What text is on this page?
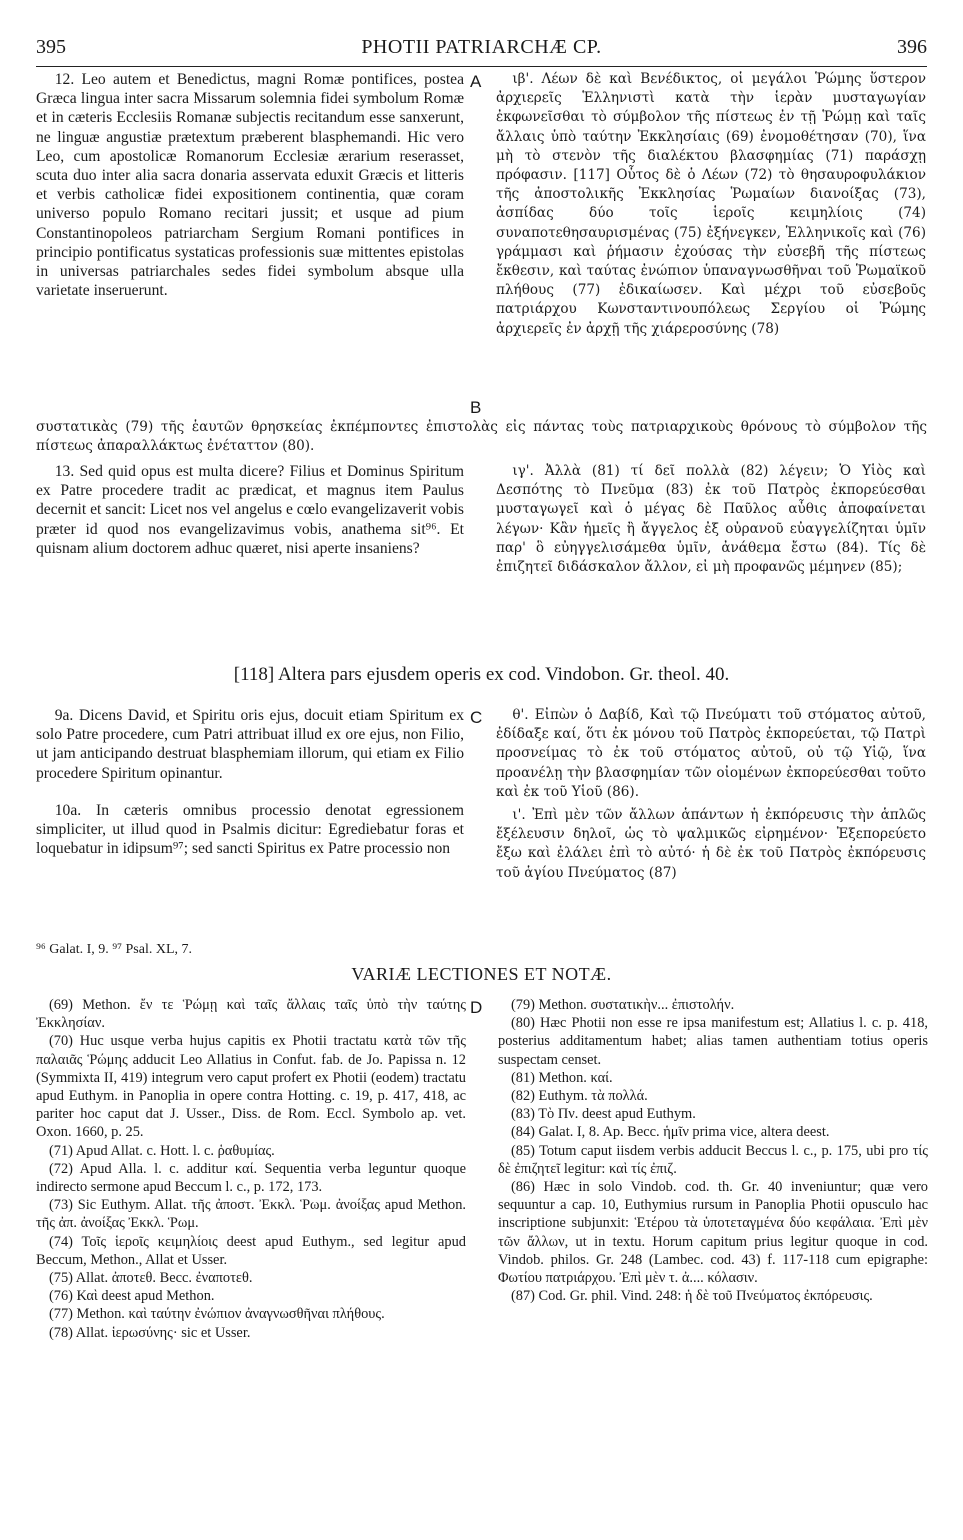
395	PHOTII PATRIARCHÆ CP.	396

12. Leo autem et Benedictus, magni Romæ pontifices, postea Græca lingua inter sacra Missarum solemnia fidei symbolum Romæ et in cæteris Ecclesiis Romanæ subjectis recitandum esse sanxerunt, ne linguæ angustiæ prætextum præberent blasphemandi. Hic vero Leo, cum apostolicæ Romanorum Ecclesiæ ærarium reserasset, scuta duo inter alia sacra donaria asservata eduxit Græcis et litteris et verbis catholicæ fidei expositionem continentia, quæ coram universo populo Romano recitari jussit; et usque ad pium Constantinopoleos patriarcham Sergium Romani pontifices in principio pontificatus systaticas professionis suæ mittentes epistolas in universas patriarchales sedes fidei symbolum absque ulla varietate inseruerunt.

ιβ'. Λέων δὲ καὶ Βενέδικτος, οἱ μεγάλοι Ῥώμης ὕστερον ἀρχιερεῖς Ἑλληνιστὶ κατὰ τὴν ἱερὰν μυσταγωγίαν ἐκφωνεῖσθαι τὸ σύμβολον τῆς πίστεως ἐν τῇ Ῥώμῃ καὶ ταῖς ἄλλαις ὑπὸ ταύτην Ἐκκλησίαις (69) ἐνομοθέτησαν (70), ἵνα μὴ τὸ στενὸν τῆς διαλέκτου βλασφημίας (71) παράσχῃ πρόφασιν. [117] Οὗτος δὲ ὁ Λέων (72) τὸ θησαυροφυλάκιον τῆς ἀποστολικῆς Ἐκκλησίας Ῥωμαίων διανοίξας (73), ἀσπίδας δύο τοῖς ἱεροῖς κειμηλίοις (74) συναποτεθησαυρισμένας (75) ἐξήνεγκεν, Ἑλληνικοῖς καὶ (76) γράμμασι καὶ ῥήμασιν ἐχούσας τὴν εὐσεβῆ τῆς πίστεως ἔκθεσιν, καὶ ταύτας ἐνώπιον ὑπαναγνωσθῆναι τοῦ Ῥωμαϊκοῦ πλήθους (77) ἐδικαίωσεν. Καὶ μέχρι τοῦ εὐσεβοῦς πατριάρχου Κωνσταντινουπόλεως Σεργίου οἱ Ῥώμης ἀρχιερεῖς ἐν ἀρχῇ τῆς χιάρεροσύνης (78)

A
B
συστατικὰς (79) τῆς ἑαυτῶν θρησκείας ἐκπέμποντες ἐπιστολὰς εἰς πάντας τοὺς πατριαρχικοὺς θρόνους τὸ σύμβολον τῆς πίστεως ἀπαραλλάκτως ἐνέταττον (80).

13. Sed quid opus est multa dicere? Filius et Dominus Spiritum ex Patre procedere tradit ac prædicat, et magnus item Paulus decernit et sancit: Licet nos vel angelus e cœlo evangelizaverit vobis præter id quod nos evangelizavimus vobis, anathema sit⁹⁶. Et quisnam alium doctorem adhuc quæret, nisi aperte insaniens?

ιγ'. Ἀλλὰ (81) τί δεῖ πολλὰ (82) λέγειν; Ὁ Υἱὸς καὶ Δεσπότης τὸ Πνεῦμα (83) ἐκ τοῦ Πατρὸς ἐκπορεύεσθαι μυσταγωγεῖ καὶ ὁ μέγας δὲ Παῦλος αὖθις ἀποφαίνεται λέγων· Κἂν ἡμεῖς ἢ ἄγγελος ἐξ οὐρανοῦ εὐαγγελίζηται ὑμῖν παρ' ὃ εὐηγγελισάμεθα ὑμῖν, ἀνάθεμα ἔστω (84). Τίς δὲ ἐπιζητεῖ διδάσκαλον ἄλλον, εἰ μὴ προφανῶς μέμηνεν (85);

[118] Altera pars ejusdem operis ex cod. Vindobon. Gr. theol. 40.

9a. Dicens David, et Spiritu oris ejus, docuit etiam Spiritum ex solo Patre procedere, cum Patri attribuat illud ex ore ejus, non Filio, ut jam anticipando destruat blasphemiam illorum, qui etiam ex Filio procedere Spiritum opinantur.

10a. In cæteris omnibus processio denotat egressionem simpliciter, ut illud quod in Psalmis dicitur: Egrediebatur foras et loquebatur in idipsum⁹⁷; sed sancti Spiritus ex Patre processio non

θ'. Εἰπὼν ὁ Δαβίδ, Καὶ τῷ Πνεύματι τοῦ στόματος αὐτοῦ, ἐδίδαξε καί, ὅτι ἐκ μόνου τοῦ Πατρὸς ἐκπορεύεται, τῷ Πατρὶ προσνείμας τὸ ἐκ τοῦ στόματος αὐτοῦ, οὐ τῷ Υἱῷ, ἵνα προανέλῃ τὴν βλασφημίαν τῶν οἰομένων ἐκπορεύεσθαι τοῦτο καὶ ἐκ τοῦ Υἱοῦ (86).

ι'. Ἐπὶ μὲν τῶν ἄλλων ἁπάντων ἡ ἐκπόρευσις τὴν ἁπλῶς ἔξέλευσιν δηλοῖ, ὡς τὸ ψαλμικῶς εἰρημένον· Ἐξεπορεύετο ἔξω καὶ ἐλάλει ἐπὶ τὸ αὐτό· ἡ δὲ ἐκ τοῦ Πατρὸς ἐκπόρευσις τοῦ ἁγίου Πνεύματος (87)

C
⁹⁶ Galat. I, 9. ⁹⁷ Psal. XL, 7.
VARIÆ LECTIONES ET NOTÆ.
D

(69) Methon. ἔν τε Ῥώμῃ καὶ ταῖς ἄλλαις ταῖς ὑπὸ τὴν ταύτης Ἐκκλησίαν.

(70) Huc usque verba hujus capitis ex Photii tractatu κατὰ τῶν τῆς παλαιᾶς Ῥώμης adducit Leo Allatius in Confut. fab. de Jo. Papissa n. 12 (Symmixta II, 419) integrum vero caput profert ex Photii (eodem) tractatu apud Euthym. in Panoplia in opere contra Hotting. c. 19, p. 417, 418, ac pariter hoc caput dat J. Usser., Diss. de Rom. Eccl. Symbolo ap. vet. Oxon. 1660, p. 25.

(71) Apud Allat. c. Hott. l. c. ῥαθυμίας.

(72) Apud Alla. l. c. additur καί. Sequentia verba leguntur quoque indirecto sermone apud Beccum l. c., p. 172, 173.

(73) Sic Euthym. Allat. τῆς ἀποστ. Ἐκκλ. Ῥωμ. ἀνοίξας apud Methon. τῆς ἀπ. ἀνοίξας Ἐκκλ. Ῥωμ.

(74) Τοῖς ἱεροῖς κειμηλίοις deest apud Euthym., sed legitur apud Beccum, Methon., Allat et Usser.

(75) Allat. ἀποτεθ. Becc. ἐναποτεθ.

(76) Καὶ deest apud Methon.

(77) Methon. καὶ ταύτην ἐνώπιον ἀναγνωσθῆναι πλήθους.

(78) Allat. ἱερωσύνης· sic et Usser.

(79) Methon. συστατικὴν... ἐπιστολήν.

(80) Hæc Photii non esse re ipsa manifestum est; Allatius l. c. p. 418, posterius additamentum habet; alias tamen authentiam totius operis suspectam censet.

(81) Methon. καί.

(82) Euthym. τὰ πολλά.

(83) Τὸ Πν. deest apud Euthym.

(84) Galat. I, 8. Ap. Becc. ἡμῖν prima vice, altera deest.

(85) Totum caput iisdem verbis adducit Beccus l. c., p. 175, ubi pro τίς δὲ ἐπιζητεῖ legitur: καὶ τίς ἐπιζ.

(86) Hæc in solo Vindob. cod. th. Gr. 40 inveniuntur; quæ vero sequuntur a cap. 10, Euthymius rursum in Panoplia Photii opusculo hac inscriptione subjunxit: Ἑτέρου τὰ ὑποτεταγμένα δύο κεφάλαια. Ἐπὶ μὲν τῶν ἄλλων, ut in textu. Horum capitum prius legitur quoque in cod. Vindob. philos. Gr. 248 (Lambec. cod. 43) f. 117-118 cum epigraphe: Φωτίου πατριάρχου. Ἐπὶ μὲν τ. ἀ.... κόλασιν.

(87) Cod. Gr. phil. Vind. 248: ἡ δὲ τοῦ Πνεύματος ἐκπόρευσις.
